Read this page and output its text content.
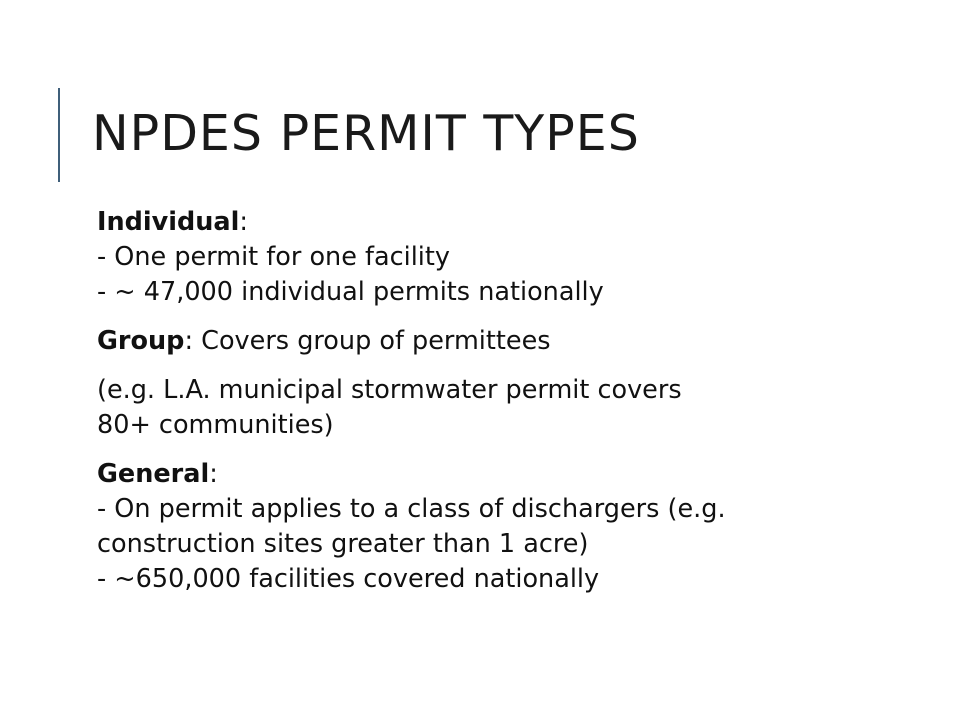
NPDES PERMIT TYPES

Individual:
- One permit for one facility
- ~ 47,000 individual permits nationally

Group: Covers group of permittees

(e.g. L.A. municipal stormwater permit covers
80+ communities)

General:
- On permit applies to a class of dischargers (e.g.
construction sites greater than 1 acre)
- ~650,000 facilities covered nationally
